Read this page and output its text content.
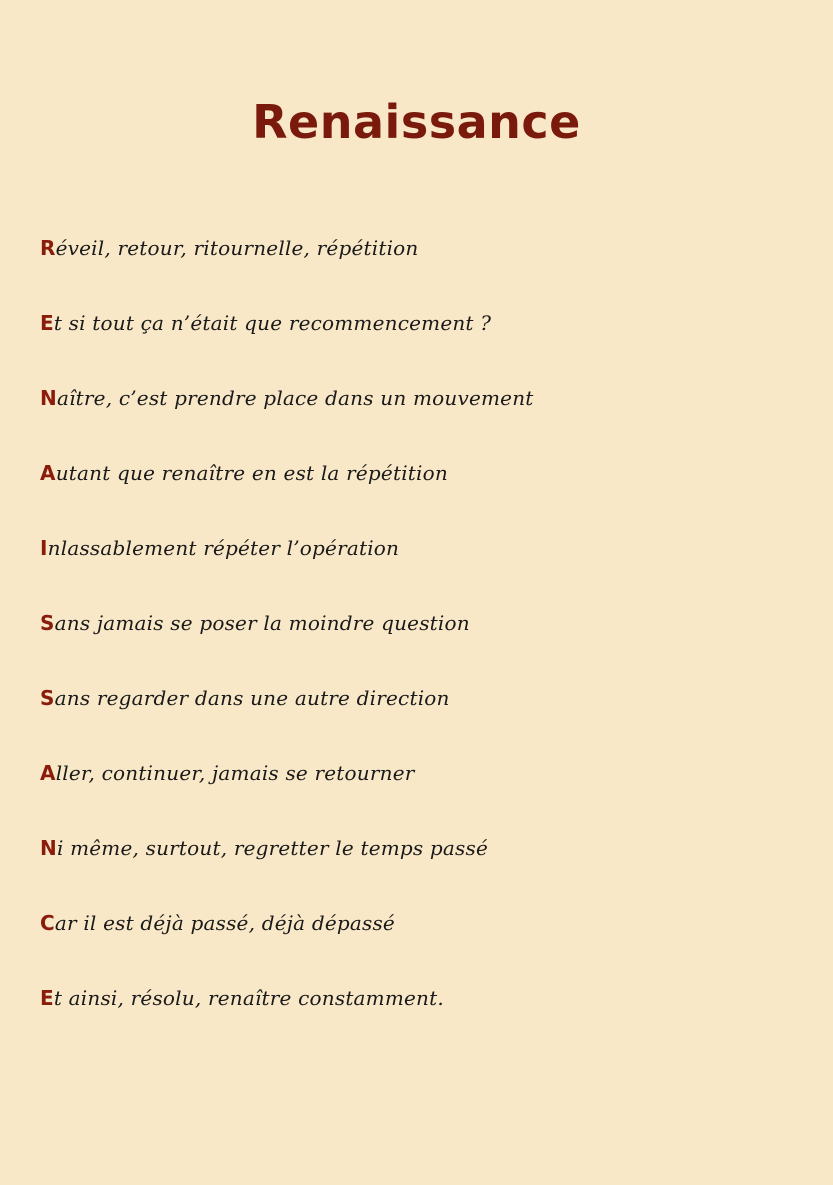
Renaissance
Réveil, retour, ritournelle, répétition
Et si tout ça n’était que recommencement ?
Naître, c’est prendre place dans un mouvement
Autant que renaître en est la répétition
Inlassablement répéter l’opération
Sans jamais se poser la moindre question
Sans regarder dans une autre direction
Aller, continuer, jamais se retourner
Ni même, surtout, regretter le temps passé
Car il est déjà passé, déjà dépassé
Et ainsi, résolu, renaître constamment.
